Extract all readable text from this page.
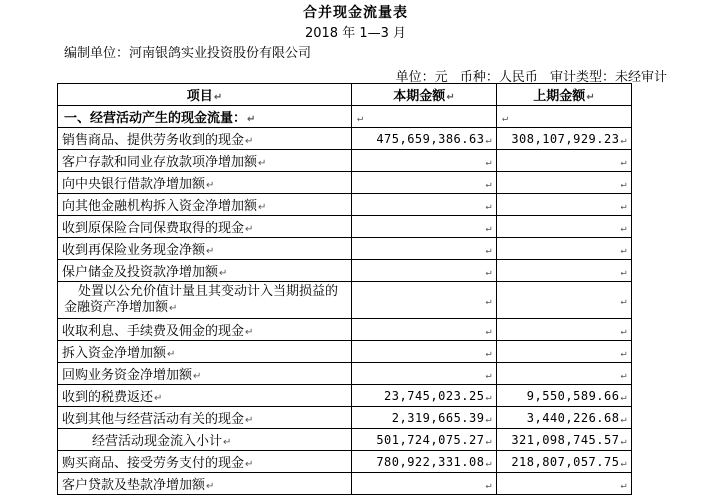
合并现金流量表
2018 年 1—3 月
编制单位：河南银鸽实业投资股份有限公司
单位：元 币种：人民币 审计类型：未经审计
项目↵	本期金额↵	上期金额↵
一、经营活动产生的现金流量：↵	↵	↵
销售商品、提供劳务收到的现金↵	475,659,386.63↵	308,107,929.23↵
客户存款和同业存放款项净增加额↵	↵	↵
向中央银行借款净增加额↵	↵	↵
向其他金融机构拆入资金净增加额↵	↵	↵
收到原保险合同保费取得的现金↵	↵	↵
收到再保险业务现金净额↵	↵	↵
保户储金及投资款净增加额↵	↵	↵
处置以公允价值计量且其变动计入当期损益的金融资产净增加额↵	↵	↵
收取利息、手续费及佣金的现金↵	↵	↵
拆入资金净增加额↵	↵	↵
回购业务资金净增加额↵	↵	↵
收到的税费返还↵	23,745,023.25↵	9,550,589.66↵
收到其他与经营活动有关的现金↵	2,319,665.39↵	3,440,226.68↵
经营活动现金流入小计↵	501,724,075.27↵	321,098,745.57↵
购买商品、接受劳务支付的现金↵	780,922,331.08↵	218,807,057.75↵
客户贷款及垫款净增加额↵	↵	↵
